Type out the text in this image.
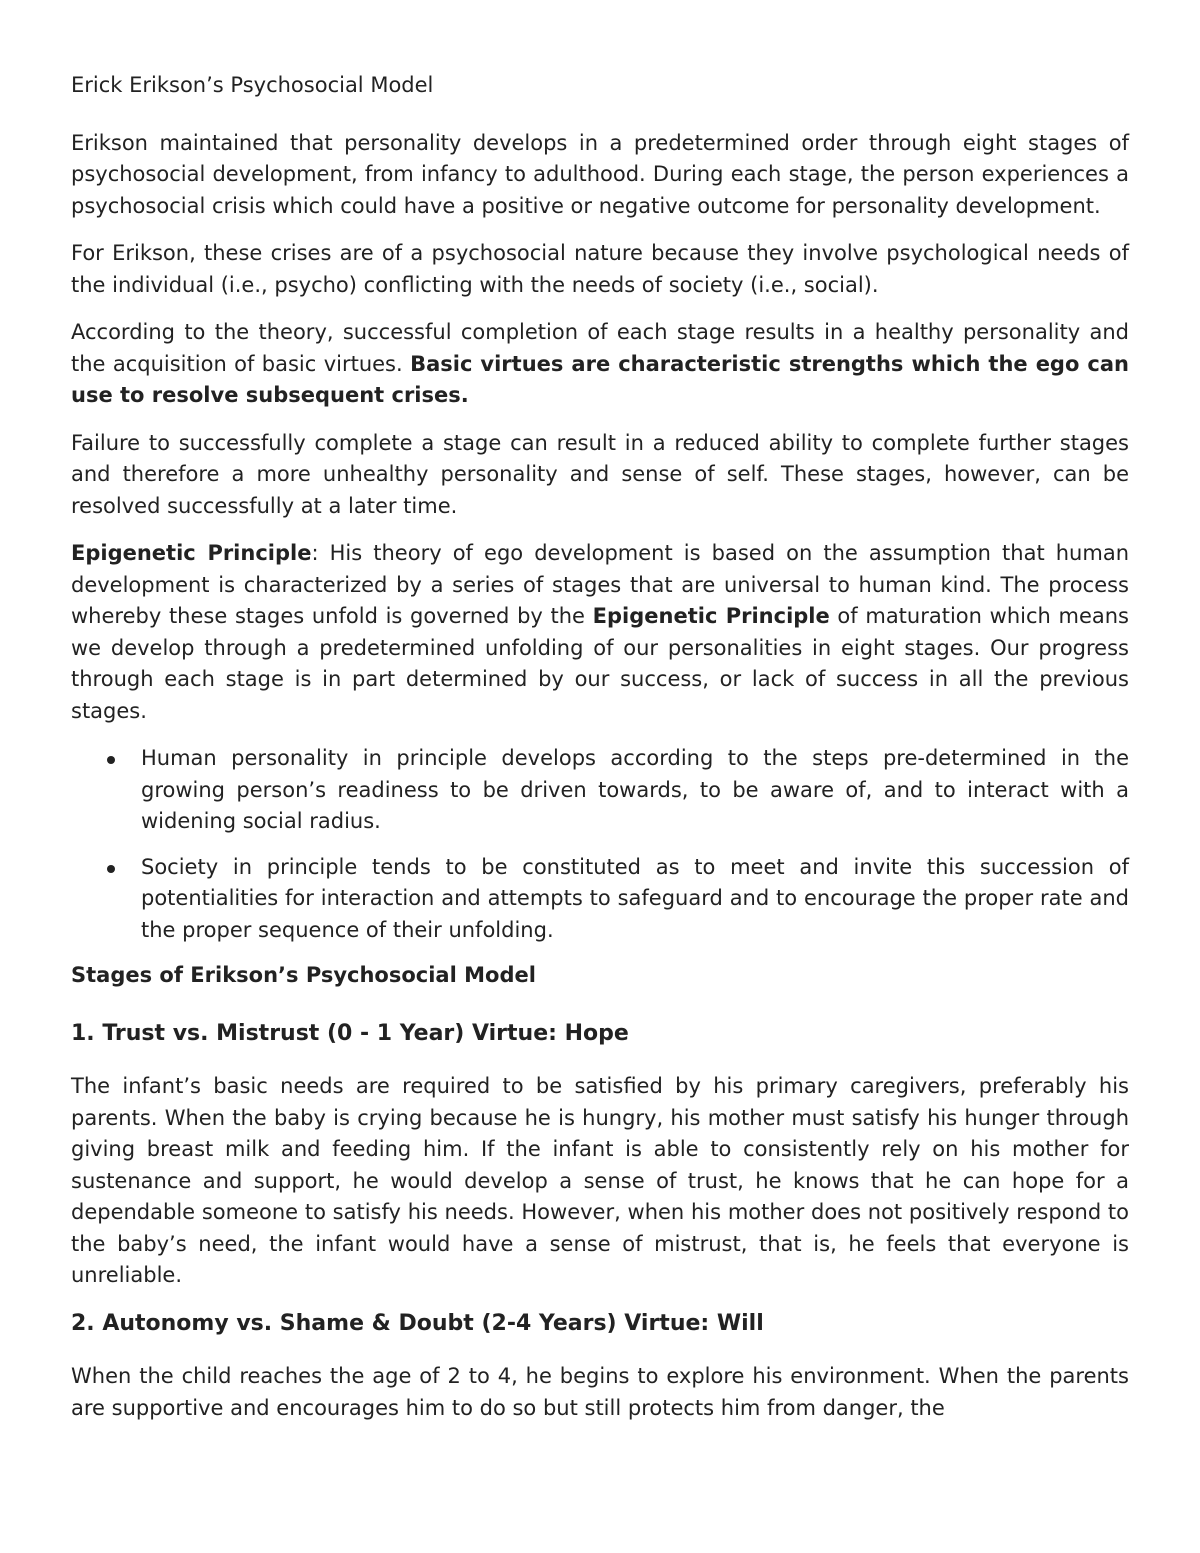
Erick Erikson’s Psychosocial Model

Erikson maintained that personality develops in a predetermined order through eight stages of psychosocial development, from infancy to adulthood. During each stage, the person experiences a psychosocial crisis which could have a positive or negative outcome for personality development.

For Erikson, these crises are of a psychosocial nature because they involve psychological needs of the individual (i.e., psycho) conflicting with the needs of society (i.e., social).

According to the theory, successful completion of each stage results in a healthy personality and the acquisition of basic virtues. Basic virtues are characteristic strengths which the ego can use to resolve subsequent crises.

Failure to successfully complete a stage can result in a reduced ability to complete further stages and therefore a more unhealthy personality and sense of self. These stages, however, can be resolved successfully at a later time.

Epigenetic Principle: His theory of ego development is based on the assumption that human development is characterized by a series of stages that are universal to human kind. The process whereby these stages unfold is governed by the Epigenetic Principle of maturation which means we develop through a predetermined unfolding of our personalities in eight stages. Our progress through each stage is in part determined by our success, or lack of success in all the previous stages.

Human personality in principle develops according to the steps pre-determined in the growing person’s readiness to be driven towards, to be aware of, and to interact with a widening social radius.
Society in principle tends to be constituted as to meet and invite this succession of potentialities for interaction and attempts to safeguard and to encourage the proper rate and the proper sequence of their unfolding.
Stages of Erikson’s Psychosocial Model
1. Trust vs. Mistrust (0 - 1 Year) Virtue: Hope

The infant’s basic needs are required to be satisfied by his primary caregivers, preferably his parents. When the baby is crying because he is hungry, his mother must satisfy his hunger through giving breast milk and feeding him. If the infant is able to consistently rely on his mother for sustenance and support, he would develop a sense of trust, he knows that he can hope for a dependable someone to satisfy his needs. However, when his mother does not positively respond to the baby’s need, the infant would have a sense of mistrust, that is, he feels that everyone is unreliable.

2. Autonomy vs. Shame & Doubt (2-4 Years) Virtue: Will

When the child reaches the age of 2 to 4, he begins to explore his environment. When the parents are supportive and encourages him to do so but still protects him from danger, the
